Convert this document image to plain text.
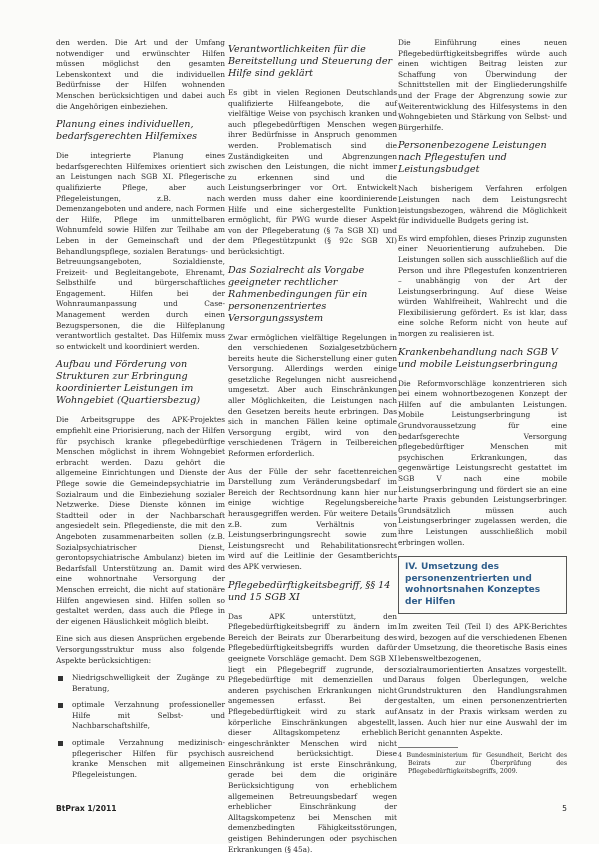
den werden. Die Art und der Umfang notwendiger und erwünschter Hilfen müssen möglichst den gesamten Lebenskontext und die individuellen Bedürfnisse der Hilfen wohnenden Menschen berücksichtigen und dabei auch die Angehörigen einbeziehen.

Planung eines individuellen, bedarfsgerechten Hilfemixes

Die integrierte Planung eines bedarfsgerechten Hilfemixes orientiert sich an Leistungen nach SGB XI. Pflegerische qualifizierte Pflege, aber auch Pflegeleistungen, z.B. nach Demenzangeboten und andere, nach Formen der Hilfe, Pflege im unmittelbaren Wohnumfeld sowie Hilfen zur Teilhabe am Leben in der Gemeinschaft und der Behandlungspflege, sozialen Beratungs- und Betreuungsangeboten, Sozialdienste, Freizeit- und Begleitangebote, Ehrenamt, Selbsthilfe und bürgerschaftliches Engagement. Hilfen bei der Wohnraumanpassung und Case-Management werden durch einen Bezugspersonen, die die Hilfeplanung verantwortlich gestaltet. Das Hilfemix muss so entwickelt und koordiniert werden.

Aufbau und Förderung von Strukturen zur Erbringung koordinierter Leistungen im Wohngebiet (Quartiersbezug)

Die Arbeitsgruppe des APK-Projektes empfiehlt eine Priorisierung, nach der Hilfen für psychisch kranke pflegebedürftige Menschen möglichst in ihrem Wohngebiet erbracht werden. Dazu gehört die allgemeine Einrichtungen und Dienste der Pflege sowie die Gemeindepsychiatrie im Sozialraum und die Einbeziehung sozialer Netzwerke. Diese Dienste können im Stadtteil oder in der Nachbarschaft angesiedelt sein. Pflegedienste, die mit den Angeboten zusammenarbeiten sollen (z.B. Sozialpsychiatrischer Dienst, gerontopsychiatrische Ambulanz) bieten im Bedarfsfall Unterstützung an. Damit wird eine wohnortnahe Versorgung der Menschen erreicht, die nicht auf stationäre Hilfen angewiesen sind. Hilfen sollen so gestaltet werden, dass auch die Pflege in der eigenen Häuslichkeit möglich bleibt.

Eine sich aus diesen Ansprüchen ergebende Versorgungsstruktur muss also folgende Aspekte berücksichtigen:

Niedrigschwelligkeit der Zugänge zu Beratung,
optimale Verzahnung professioneller Hilfe mit Selbst- und Nachbarschaftshilfe,
optimale Verzahnung medizinisch-pflegerischer Hilfen für psychisch kranke Menschen mit allgemeinen Pflegeleistungen.
Verantwortlichkeiten für die Bereitstellung und Steuerung der Hilfe sind geklärt

Es gibt in vielen Regionen Deutschlands qualifizierte Hilfeangebote, die auf vielfältige Weise von psychisch kranken und auch pflegebedürftigen Menschen wegen ihrer Bedürfnisse in Anspruch genommen werden. Problematisch sind die Zuständigkeiten und Abgrenzungen zwischen den Leistungen, die nicht immer zu erkennen sind und die Leistungserbringer vor Ort. Entwickelt werden muss daher eine koordinierende Hilfe und eine sichergestellte Funktion ermöglicht, für PWG wurde dieser Aspekt von der Pflegeberatung (§ 7a SGB XI) und dem Pflegestützpunkt (§ 92c SGB XI) berücksichtigt.

Das Sozialrecht als Vorgabe geeigneter rechtlicher Rahmenbedingungen für ein personenzentriertes Versorgungssystem

Zwar ermöglichen vielfältige Regelungen in den verschiedenen Sozialgesetzbüchern bereits heute die Sicherstellung einer guten Versorgung. Allerdings werden einige gesetzliche Regelungen nicht ausreichend umgesetzt. Aber auch Einschränkungen aller Möglichkeiten, die Leistungen nach den Gesetzen bereits heute erbringen. Das sich in manchen Fällen keine optimale Versorgung ergibt, wird von den verschiedenen Trägern in Teilbereichen Reformen erforderlich.

Aus der Fülle der sehr facettenreichen Darstellung zum Veränderungsbedarf im Bereich der Rechtsordnung kann hier nur einige wichtige Regelungsbereiche herausgegriffen werden. Für weitere Details z.B. zum Verhältnis von Leistungserbringungsrecht sowie zum Leistungsrecht und Rehabilitationsrecht wird auf die Leitlinie der Gesamtberichts des APK verwiesen.

Pflegebedürftigkeitsbegriff, §§ 14 und 15 SGB XI

Das APK unterstützt, den Pflegebedürftigkeitsbegriff zu ändern im Bereich der Beirats zur Überarbeitung des Pflegebedürftigkeitsbegriffs wurden dafür geeignete Vorschläge gemacht. Dem SGB XI liegt ein Pflegebegriff zugrunde, der Pflegebedürftige mit demenziellen und anderen psychischen Erkrankungen nicht angemessen erfasst. Bei der Pflegebedürftigkeit wird zu stark auf körperliche Einschränkungen abgestellt, dieser Alltagskompetenz erheblich eingeschränkter Menschen wird nicht ausreichend berücksichtigt. Diese Einschränkung ist erste Einschränkung, gerade bei dem die originäre Berücksichtigung von erheblichem allgemeinen Betreuungsbedarf wegen erheblicher Einschränkung der Alltagskompetenz bei Menschen mit demenzbedingten Fähigkeitsstörungen, geistigen Behinderungen oder psychischen Erkrankungen (§ 45a).

Die Einführung eines neuen Pflegebedürftigkeitsbegriffes würde auch einen wichtigen Beitrag leisten zur Schaffung von Überwindung der Schnittstellen mit der Eingliederungshilfe und der Frage der Abgrenzung sowie zur Weiterentwicklung des Hilfesystems in den Wohngebieten und Stärkung von Selbst- und Bürgerhilfe.

Personenbezogene Leistungen nach Pflegestufen und Leistungsbudget

Nach bisherigem Verfahren erfolgen Leistungen nach dem Leistungsrecht leistungsbezogen, während die Möglichkeit für individuelle Budgets gering ist.

Es wird empfohlen, dieses Prinzip zugunsten einer Neuorientierung aufzuheben. Die Leistungen sollen sich ausschließlich auf die Person und ihre Pflegestufen konzentrieren – unabhängig von der Art der Leistungserbringung. Auf diese Weise würden Wahlfreiheit, Wahlrecht und die Flexibilisierung gefördert. Es ist klar, dass eine solche Reform nicht von heute auf morgen zu realisieren ist.

Krankenbehandlung nach SGB V und mobile Leistungserbringung

Die Reformvorschläge konzentrieren sich bei einem wohnortbezogenen Konzept der Hilfen auf die ambulanten Leistungen. Mobile Leistungserbringung ist Grundvoraussetzung für eine bedarfsgerechte Versorgung pflegebedürftiger Menschen mit psychischen Erkrankungen, das gegenwärtige Leistungsrecht gestattet im SGB V nach eine mobile Leistungserbringung und fördert sie an eine harte Praxis gebunden Leistungserbringer. Grundsätzlich müssen auch Leistungserbringer zugelassen werden, die ihre Leistungen ausschließlich mobil erbringen wollen.

IV. Umsetzung des personenzentrierten und wohnortsnahen Konzeptes der Hilfen

Im zweiten Teil (Teil I) des APK-Berichtes wird, bezogen auf die verschiedenen Ebenen der Umsetzung, die theoretische Basis eines lebensweltbezogenen, sozialraumorientierten Ansatzes vorgestellt. Daraus folgen Überlegungen, welche Grundstrukturen den Handlungsrahmen gestalten, um einen personenzentrierten Ansatz in der Praxis wirksam werden zu lassen. Auch hier nur eine Auswahl der im Bericht genannten Aspekte.

4 Bundesministerium für Gesundheit, Bericht des Beirats zur Überprüfung des Pflegebedürftigkeitsbegriffs, 2009.

BtPrax 1/2011	5
